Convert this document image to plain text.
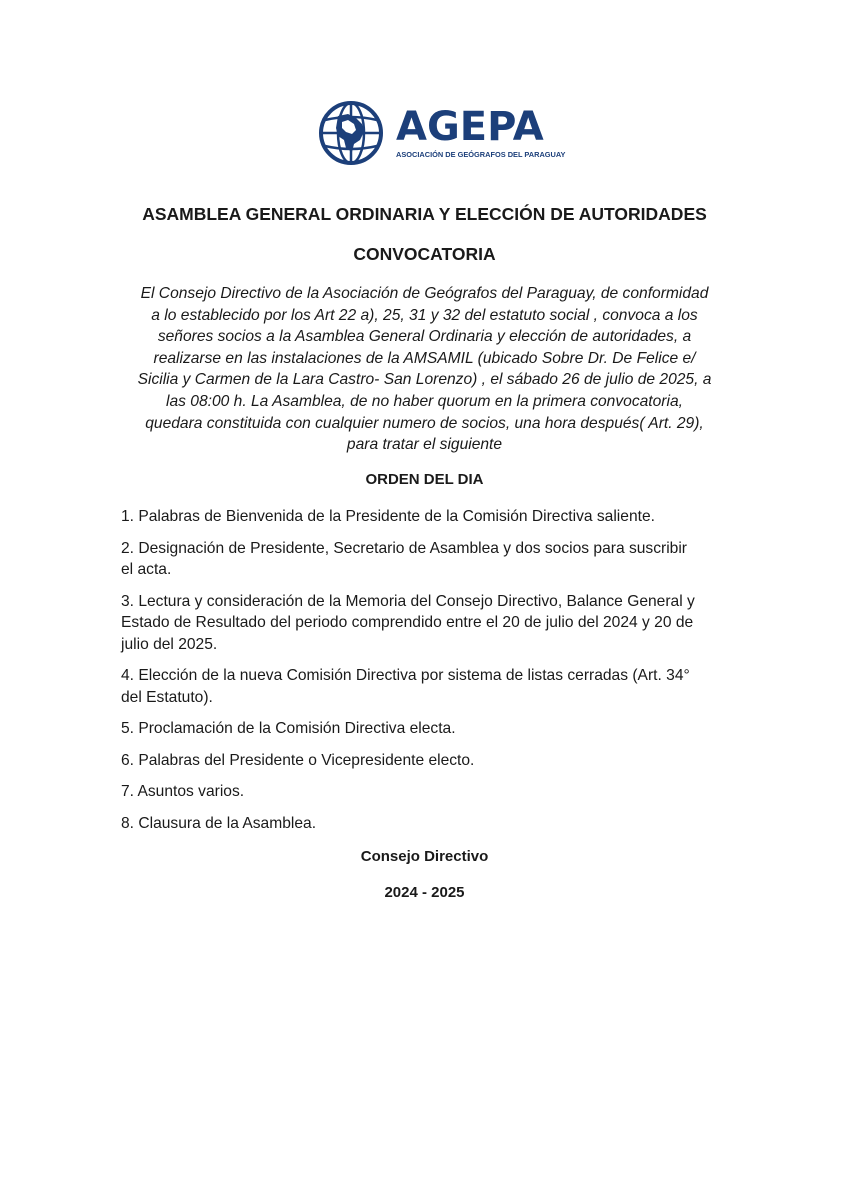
AGEPA
ASOCIACIÓN DE GEÓGRAFOS DEL PARAGUAY
ASAMBLEA GENERAL ORDINARIA Y ELECCIÓN DE AUTORIDADES
CONVOCATORIA
El Consejo Directivo de la Asociación de Geógrafos del Paraguay, de conformidad
a lo establecido por los Art 22 a), 25, 31 y 32 del estatuto social , convoca a los
señores socios a la Asamblea General Ordinaria y elección de autoridades, a
realizarse en las instalaciones de la AMSAMIL (ubicado Sobre Dr. De Felice e/
Sicilia y Carmen de la Lara Castro- San Lorenzo) , el sábado 26 de julio de 2025, a
las 08:00 h. La Asamblea, de no haber quorum en la primera convocatoria,
quedara constituida con cualquier numero de socios, una hora después( Art. 29),
para tratar el siguiente
ORDEN DEL DIA
1. Palabras de Bienvenida de la Presidente de la Comisión Directiva saliente.
2. Designación de Presidente, Secretario de Asamblea y dos socios para suscribir
el acta.
3. Lectura y consideración de la Memoria del Consejo Directivo, Balance General y
Estado de Resultado del periodo comprendido entre el 20 de julio del 2024 y 20 de
julio del 2025.
4. Elección de la nueva Comisión Directiva por sistema de listas cerradas (Art. 34°
del Estatuto).
5. Proclamación de la Comisión Directiva electa.
6. Palabras del Presidente o Vicepresidente electo.
7. Asuntos varios.
8. Clausura de la Asamblea.
Consejo Directivo
2024 - 2025
